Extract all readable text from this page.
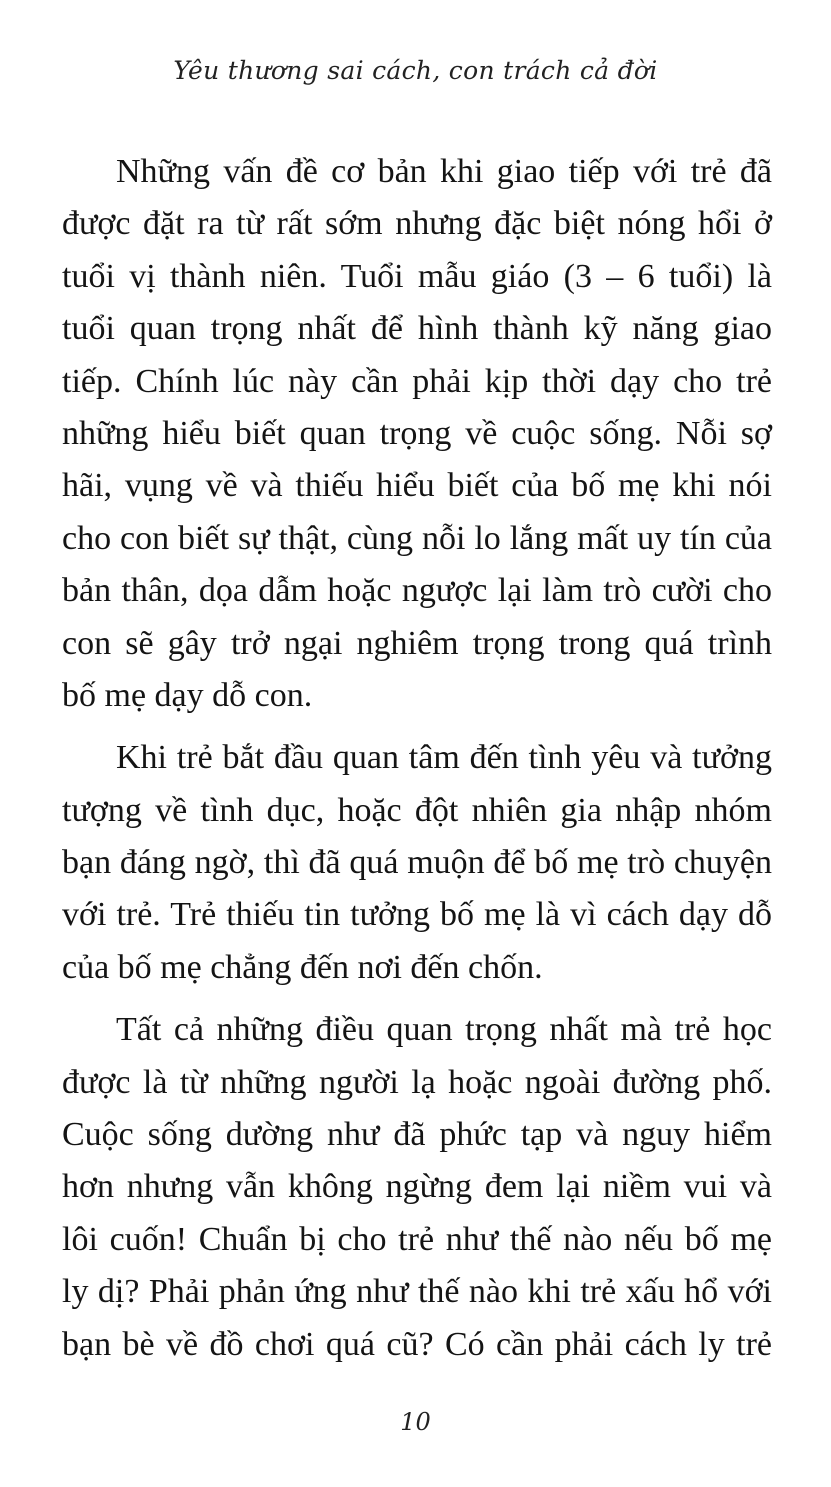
Yêu thương sai cách, con trách cả đời
Những vấn đề cơ bản khi giao tiếp với trẻ đã
được đặt ra từ rất sớm nhưng đặc biệt nóng hổi ở
tuổi vị thành niên. Tuổi mẫu giáo (3 – 6 tuổi) là
tuổi quan trọng nhất để hình thành kỹ năng giao
tiếp. Chính lúc này cần phải kịp thời dạy cho trẻ
những hiểu biết quan trọng về cuộc sống. Nỗi sợ
hãi, vụng về và thiếu hiểu biết của bố mẹ khi nói
cho con biết sự thật, cùng nỗi lo lắng mất uy tín của
bản thân, dọa dẫm hoặc ngược lại làm trò cười cho
con sẽ gây trở ngại nghiêm trọng trong quá trình
bố mẹ dạy dỗ con.
Khi trẻ bắt đầu quan tâm đến tình yêu và tưởng
tượng về tình dục, hoặc đột nhiên gia nhập nhóm
bạn đáng ngờ, thì đã quá muộn để bố mẹ trò chuyện
với trẻ. Trẻ thiếu tin tưởng bố mẹ là vì cách dạy dỗ
của bố mẹ chẳng đến nơi đến chốn.
Tất cả những điều quan trọng nhất mà trẻ học
được là từ những người lạ hoặc ngoài đường phố.
Cuộc sống dường như đã phức tạp và nguy hiểm
hơn nhưng vẫn không ngừng đem lại niềm vui và
lôi cuốn! Chuẩn bị cho trẻ như thế nào nếu bố mẹ
ly dị? Phải phản ứng như thế nào khi trẻ xấu hổ với
bạn bè về đồ chơi quá cũ? Có cần phải cách ly trẻ
10
